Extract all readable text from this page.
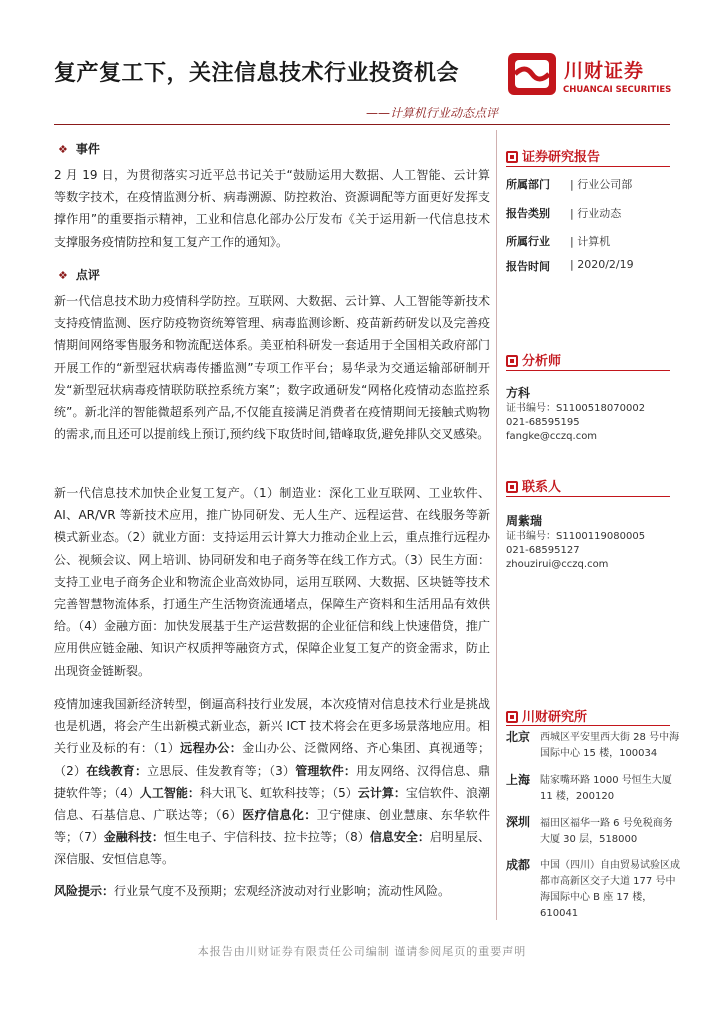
复产复工下，关注信息技术行业投资机会
——计算机行业动态点评
川财证券
CHUANCAI SECURITIES
❖ 事件
2 月 19 日，为贯彻落实习近平总书记关于“鼓励运用大数据、人工智能、云计算等数字技术，在疫情监测分析、病毒溯源、防控救治、资源调配等方面更好发挥支撑作用”的重要指示精神，工业和信息化部办公厅发布《关于运用新一代信息技术支撑服务疫情防控和复工复产工作的通知》。
❖ 点评
新一代信息技术助力疫情科学防控。互联网、大数据、云计算、人工智能等新技术支持疫情监测、医疗防疫物资统筹管理、病毒监测诊断、疫苗新药研发以及完善疫情期间网络零售服务和物流配送体系。美亚柏科研发一套适用于全国相关政府部门开展工作的“新型冠状病毒传播监测”专项工作平台；易华录为交通运输部研制开发“新型冠状病毒疫情联防联控系统方案”；数字政通研发“网格化疫情动态监控系统”。新北洋的智能微超系列产品,不仅能直接满足消费者在疫情期间无接触式购物的需求,而且还可以提前线上预订,预约线下取货时间,错峰取货,避免排队交叉感染。
新一代信息技术加快企业复工复产。（1）制造业：深化工业互联网、工业软件、AI、AR/VR 等新技术应用，推广协同研发、无人生产、远程运营、在线服务等新模式新业态。（2）就业方面：支持运用云计算大力推动企业上云，重点推行远程办公、视频会议、网上培训、协同研发和电子商务等在线工作方式。（3）民生方面：支持工业电子商务企业和物流企业高效协同，运用互联网、大数据、区块链等技术完善智慧物流体系，打通生产生活物资流通堵点，保障生产资料和生活用品有效供给。（4）金融方面：加快发展基于生产运营数据的企业征信和线上快速借贷，推广应用供应链金融、知识产权质押等融资方式，保障企业复工复产的资金需求，防止出现资金链断裂。
疫情加速我国新经济转型，倒逼高科技行业发展，本次疫情对信息技术行业是挑战也是机遇，将会产生出新模式新业态，新兴 ICT 技术将会在更多场景落地应用。相关行业及标的有：（1）远程办公：金山办公、泛微网络、齐心集团、真视通等；（2）在线教育：立思辰、佳发教育等；（3）管理软件：用友网络、汉得信息、鼎捷软件等；（4）人工智能：科大讯飞、虹软科技等；（5）云计算：宝信软件、浪潮信息、石基信息、广联达等；（6）医疗信息化：卫宁健康、创业慧康、东华软件等；（7）金融科技：恒生电子、宇信科技、拉卡拉等；（8）信息安全：启明星辰、深信服、安恒信息等。
风险提示：行业景气度不及预期；宏观经济波动对行业影响；流动性风险。
证券研究报告
所属部门 | 行业公司部
报告类别 | 行业动态
所属行业 | 计算机
报告时间 | 2020/2/19
分析师
方科
证书编号：S1100518070002
021-68595195
fangke@cczq.com
联系人
周紫瑞
证书编号：S1100119080005
021-68595127
zhouzirui@cczq.com
川财研究所
北京 西城区平安里西大街 28 号中海国际中心 15 楼，100034
上海 陆家嘴环路 1000 号恒生大厦 11 楼，200120
深圳 福田区福华一路 6 号免税商务大厦 30 层，518000
成都 中国（四川）自由贸易试验区成都市高新区交子大道 177 号中海国际中心 B 座 17 楼，610041
本报告由川财证券有限责任公司编制 谨请参阅尾页的重要声明
